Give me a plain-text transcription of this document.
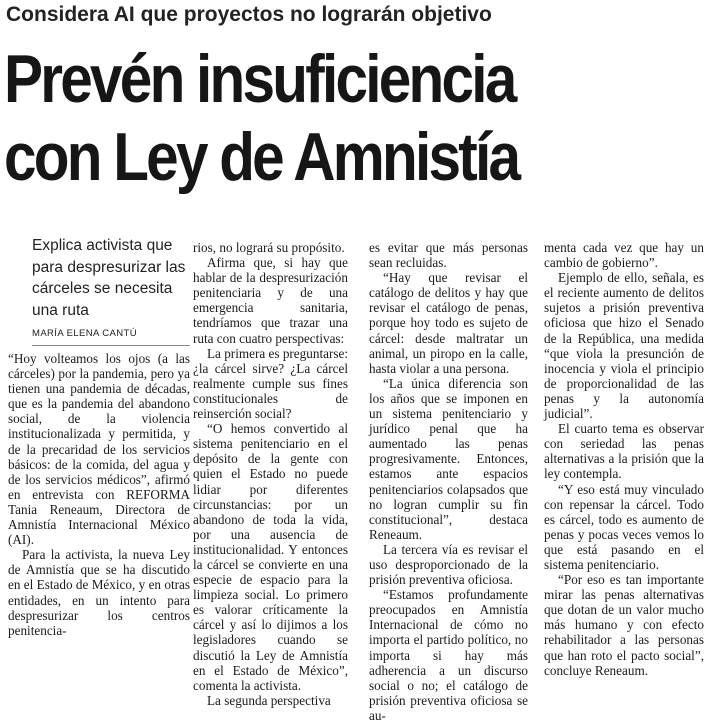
Considera AI que proyectos no lograrán objetivo
Prevén insuficiencia
con Ley de Amnistía
Explica activista que para despresurizar las cárceles se necesita una ruta
MARÍA ELENA CANTÚ

“Hoy volteamos los ojos (a las cárceles) por la pandemia, pero ya tienen una pandemia de décadas, que es la pandemia del abandono social, de la violencia institucionalizada y permitida, y de la precaridad de los servicios básicos: de la comida, del agua y de los servicios médicos”, afirmó en entrevista con REFORMA Tania Reneaum, Directora de Amnistía Internacional México (AI).

Para la activista, la nueva Ley de Amnistía que se ha discutido en el Estado de México, y en otras entidades, en un intento para despresurizar los centros penitencia-

rios, no logrará su propósito.

Afirma que, si hay que hablar de la despresurización penitenciaria y de una emergencia sanitaria, tendríamos que trazar una ruta con cuatro perspectivas:

La primera es preguntarse: ¿la cárcel sirve? ¿La cárcel realmente cumple sus fines constitucionales de reinserción social?

“O hemos convertido al sistema penitenciario en el depósito de la gente con quien el Estado no puede lidiar por diferentes circunstancias: por un abandono de toda la vida, por una ausencia de institucionalidad. Y entonces la cárcel se convierte en una especie de espacio para la limpieza social. Lo primero es valorar críticamente la cárcel y así lo dijimos a los legisladores cuando se discutió la Ley de Amnistía en el Estado de México”, comenta la activista.

La segunda perspectiva

es evitar que más personas sean recluidas.

“Hay que revisar el catálogo de delitos y hay que revisar el catálogo de penas, porque hoy todo es sujeto de cárcel: desde maltratar un animal, un piropo en la calle, hasta violar a una persona.

“La única diferencia son los años que se imponen en un sistema penitenciario y jurídico penal que ha aumentado las penas progresivamente. Entonces, estamos ante espacios penitenciarios colapsados que no logran cumplir su fin constitucional”, destaca Reneaum.

La tercera vía es revisar el uso desproporcionado de la prisión preventiva oficiosa.

“Estamos profundamente preocupados en Amnistía Internacional de cómo no importa el partido político, no importa si hay más adherencia a un discurso social o no; el catálogo de prisión preventiva oficiosa se au-

menta cada vez que hay un cambio de gobierno”.

Ejemplo de ello, señala, es el reciente aumento de delitos sujetos a prisión preventiva oficiosa que hizo el Senado de la República, una medida “que viola la presunción de inocencia y viola el principio de proporcionalidad de las penas y la autonomía judicial”.

El cuarto tema es observar con seriedad las penas alternativas a la prisión que la ley contempla.

“Y eso está muy vinculado con repensar la cárcel. Todo es cárcel, todo es aumento de penas y pocas veces vemos lo que está pasando en el sistema penitenciario.

“Por eso es tan importante mirar las penas alternativas que dotan de un valor mucho más humano y con efecto rehabilitador a las personas que han roto el pacto social”, concluye Reneaum.
